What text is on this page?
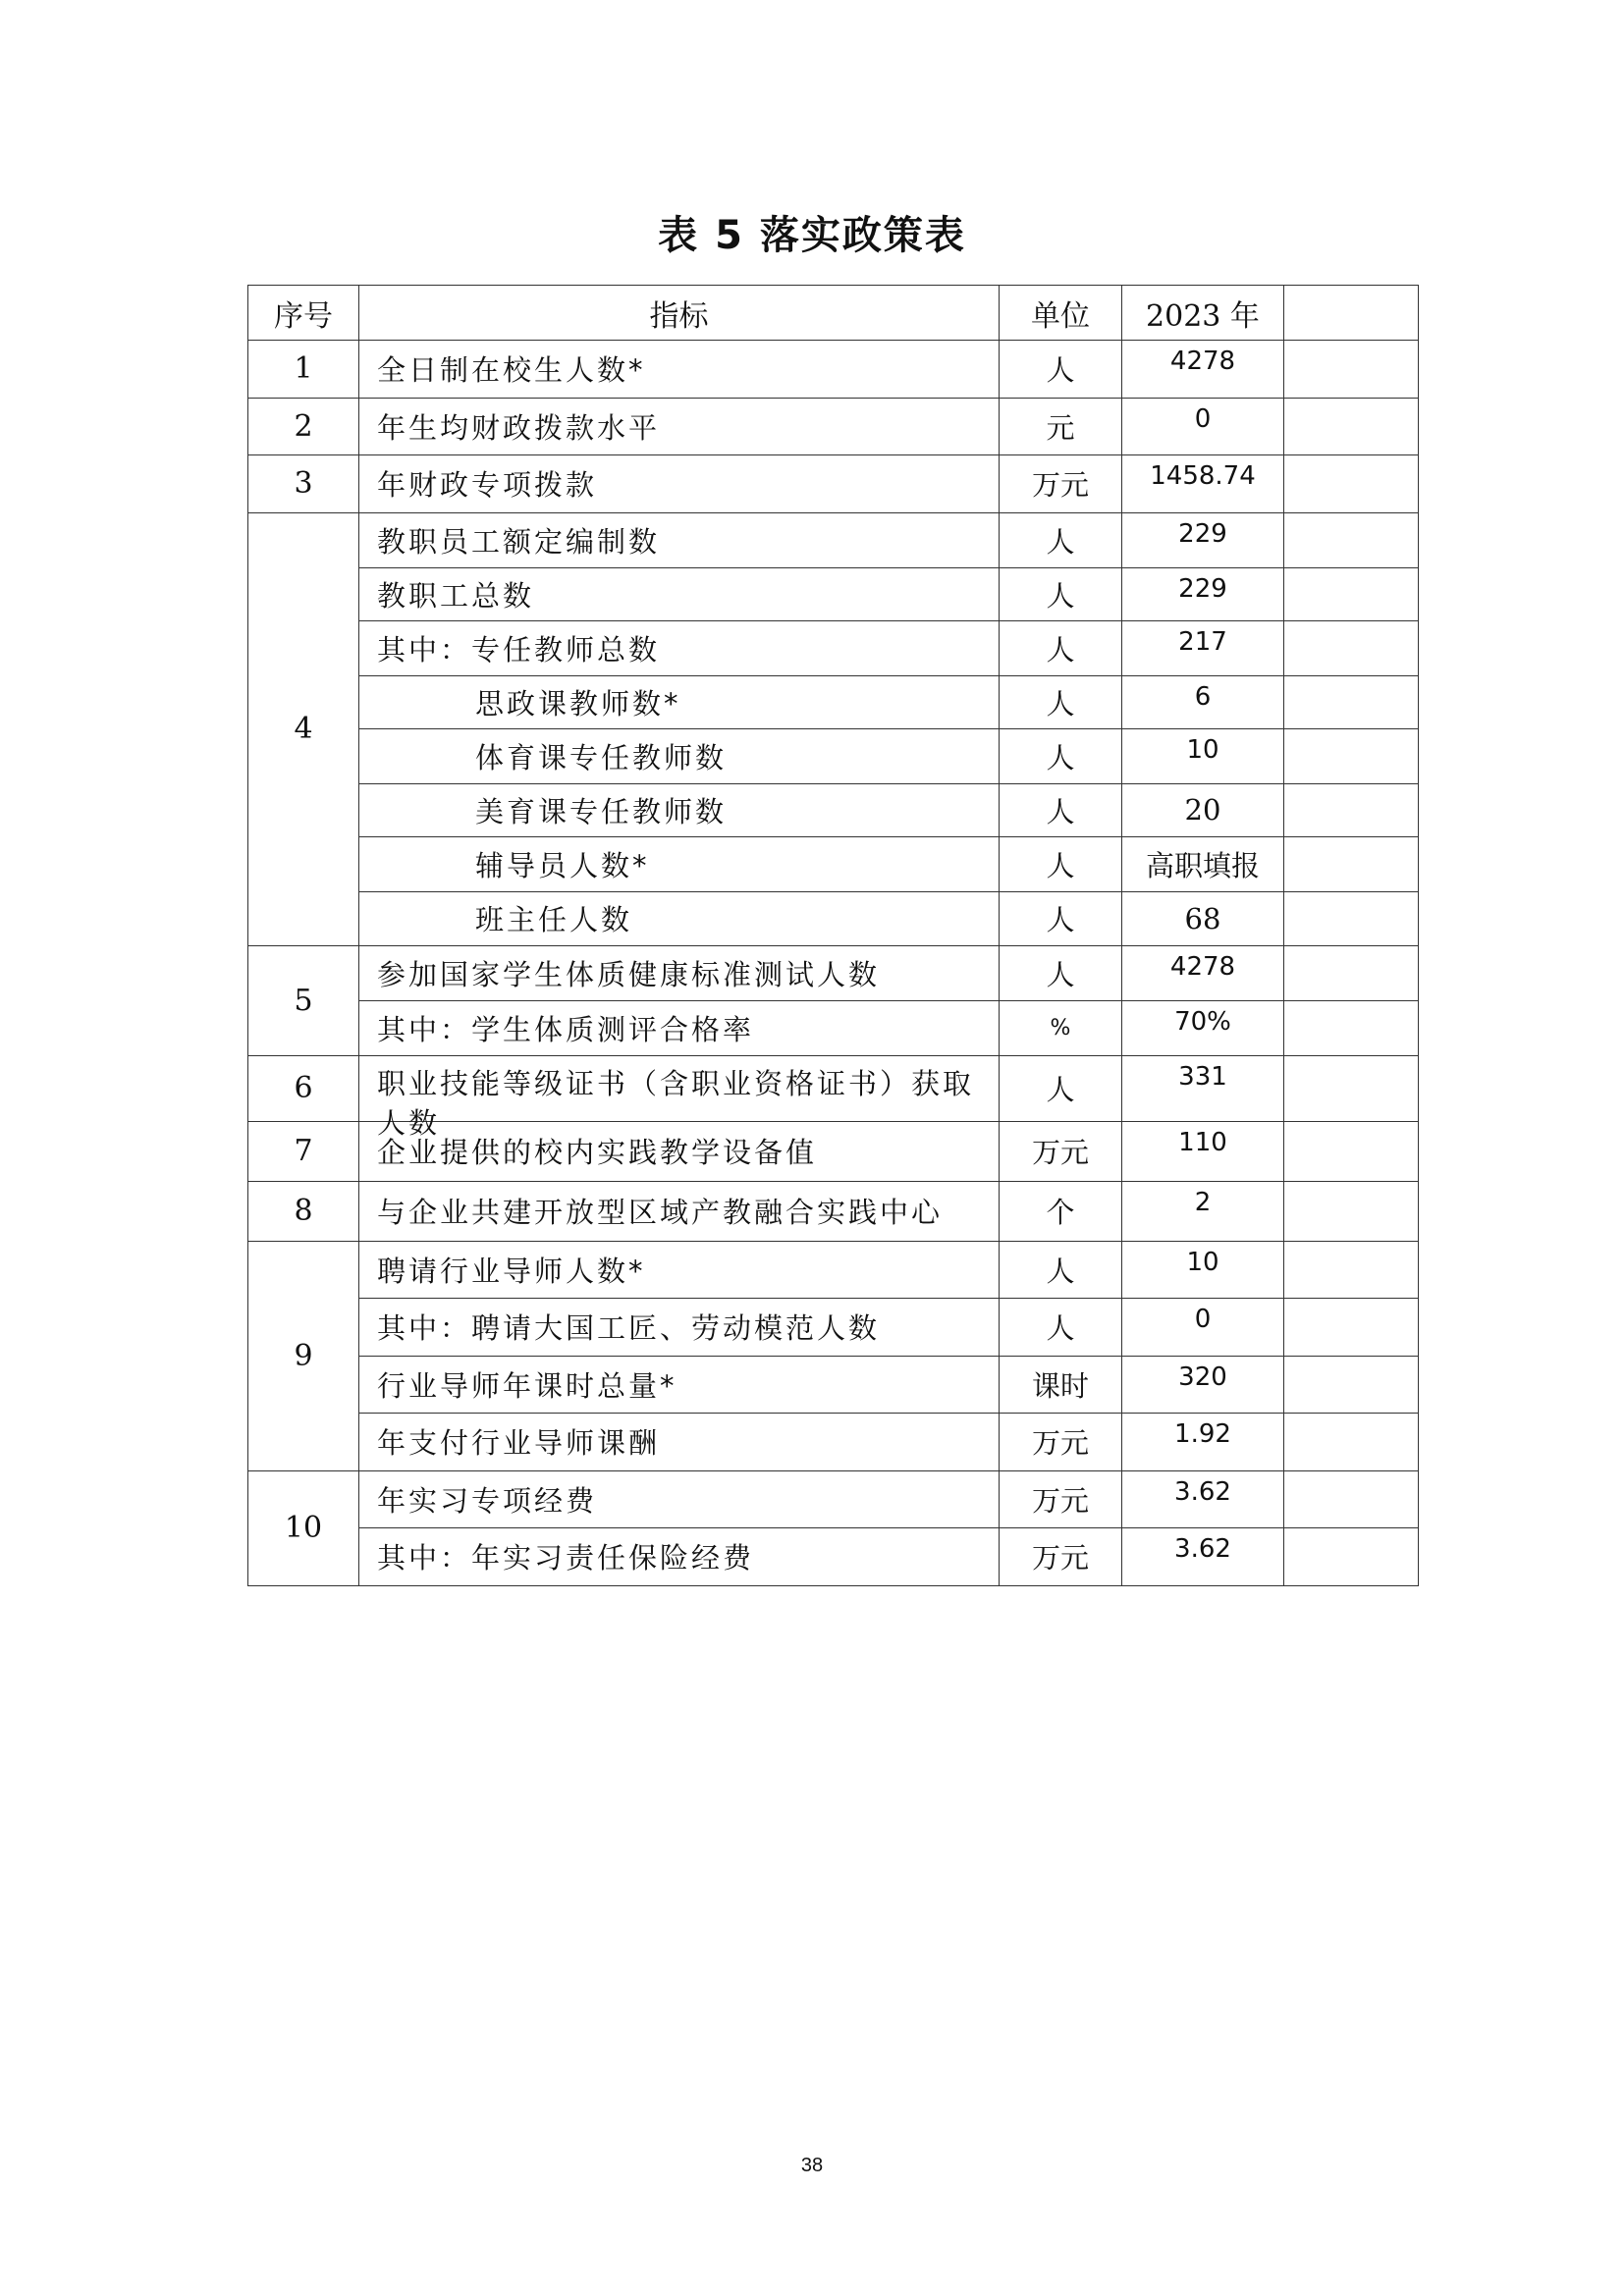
表 5 落实政策表
序号	指标	单位	2023 年	
1	全日制在校生人数*	人	4278	
2	年生均财政拨款水平	元	0	
3	年财政专项拨款	万元	1458.74	
4	教职员工额定编制数	人	229	
	教职工总数	人	229	
	其中：专任教师总数	人	217	
	思政课教师数*	人	6	
	体育课专任教师数	人	10	
	美育课专任教师数	人	20	
	辅导员人数*	人	高职填报	
	班主任人数	人	68	
5	参加国家学生体质健康标准测试人数	人	4278	
	其中：学生体质测评合格率	%	70%	
6	职业技能等级证书（含职业资格证书）获取人数	人	331	
7	企业提供的校内实践教学设备值	万元	110	
8	与企业共建开放型区域产教融合实践中心	个	2	
9	聘请行业导师人数*	人	10	
	其中：聘请大国工匠、劳动模范人数	人	0	
	行业导师年课时总量*	课时	320	
	年支付行业导师课酬	万元	1.92	
10	年实习专项经费	万元	3.62	
	其中：年实习责任保险经费	万元	3.62	
38
